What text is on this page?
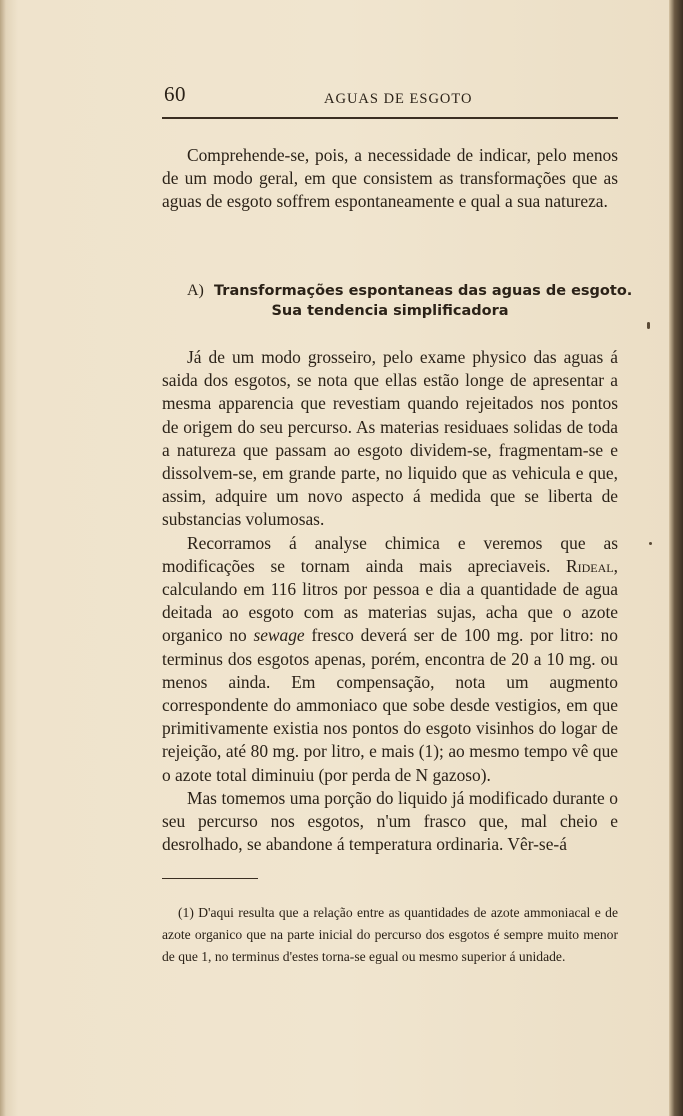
60	AGUAS DE ESGOTO

Comprehende-se, pois, a necessidade de indicar, pelo menos de um modo geral, em que consistem as transformações que as aguas de esgoto soffrem espontaneamente e qual a sua natureza.

A) Transformações espontaneas das aguas de esgoto.
Sua tendencia simplificadora

Já de um modo grosseiro, pelo exame physico das aguas á saida dos esgotos, se nota que ellas estão longe de apresentar a mesma apparencia que revestiam quando rejeitados nos pontos de origem do seu percurso. As materias residuaes solidas de toda a natureza que passam ao esgoto dividem-se, fragmentam-se e dissolvem-se, em grande parte, no liquido que as vehicula e que, assim, adquire um novo aspecto á medida que se liberta de substancias volumosas.

Recorramos á analyse chimica e veremos que as modificações se tornam ainda mais apreciaveis. Rideal, calculando em 116 litros por pessoa e dia a quantidade de agua deitada ao esgoto com as materias sujas, acha que o azote organico no sewage fresco deverá ser de 100 mg. por litro: no terminus dos esgotos apenas, porém, encontra de 20 a 10 mg. ou menos ainda. Em compensação, nota um augmento correspondente do ammoniaco que sobe desde vestigios, em que primitivamente existia nos pontos do esgoto visinhos do logar de rejeição, até 80 mg. por litro, e mais (1); ao mesmo tempo vê que o azote total diminuiu (por perda de N gazoso).

Mas tomemos uma porção do liquido já modificado durante o seu percurso nos esgotos, n'um frasco que, mal cheio e desrolhado, se abandone á temperatura ordinaria. Vêr-se-á

(1) D'aqui resulta que a relação entre as quantidades de azote ammoniacal e de azote organico que na parte inicial do percurso dos esgotos é sempre muito menor de que 1, no terminus d'estes torna-se egual ou mesmo superior á unidade.
